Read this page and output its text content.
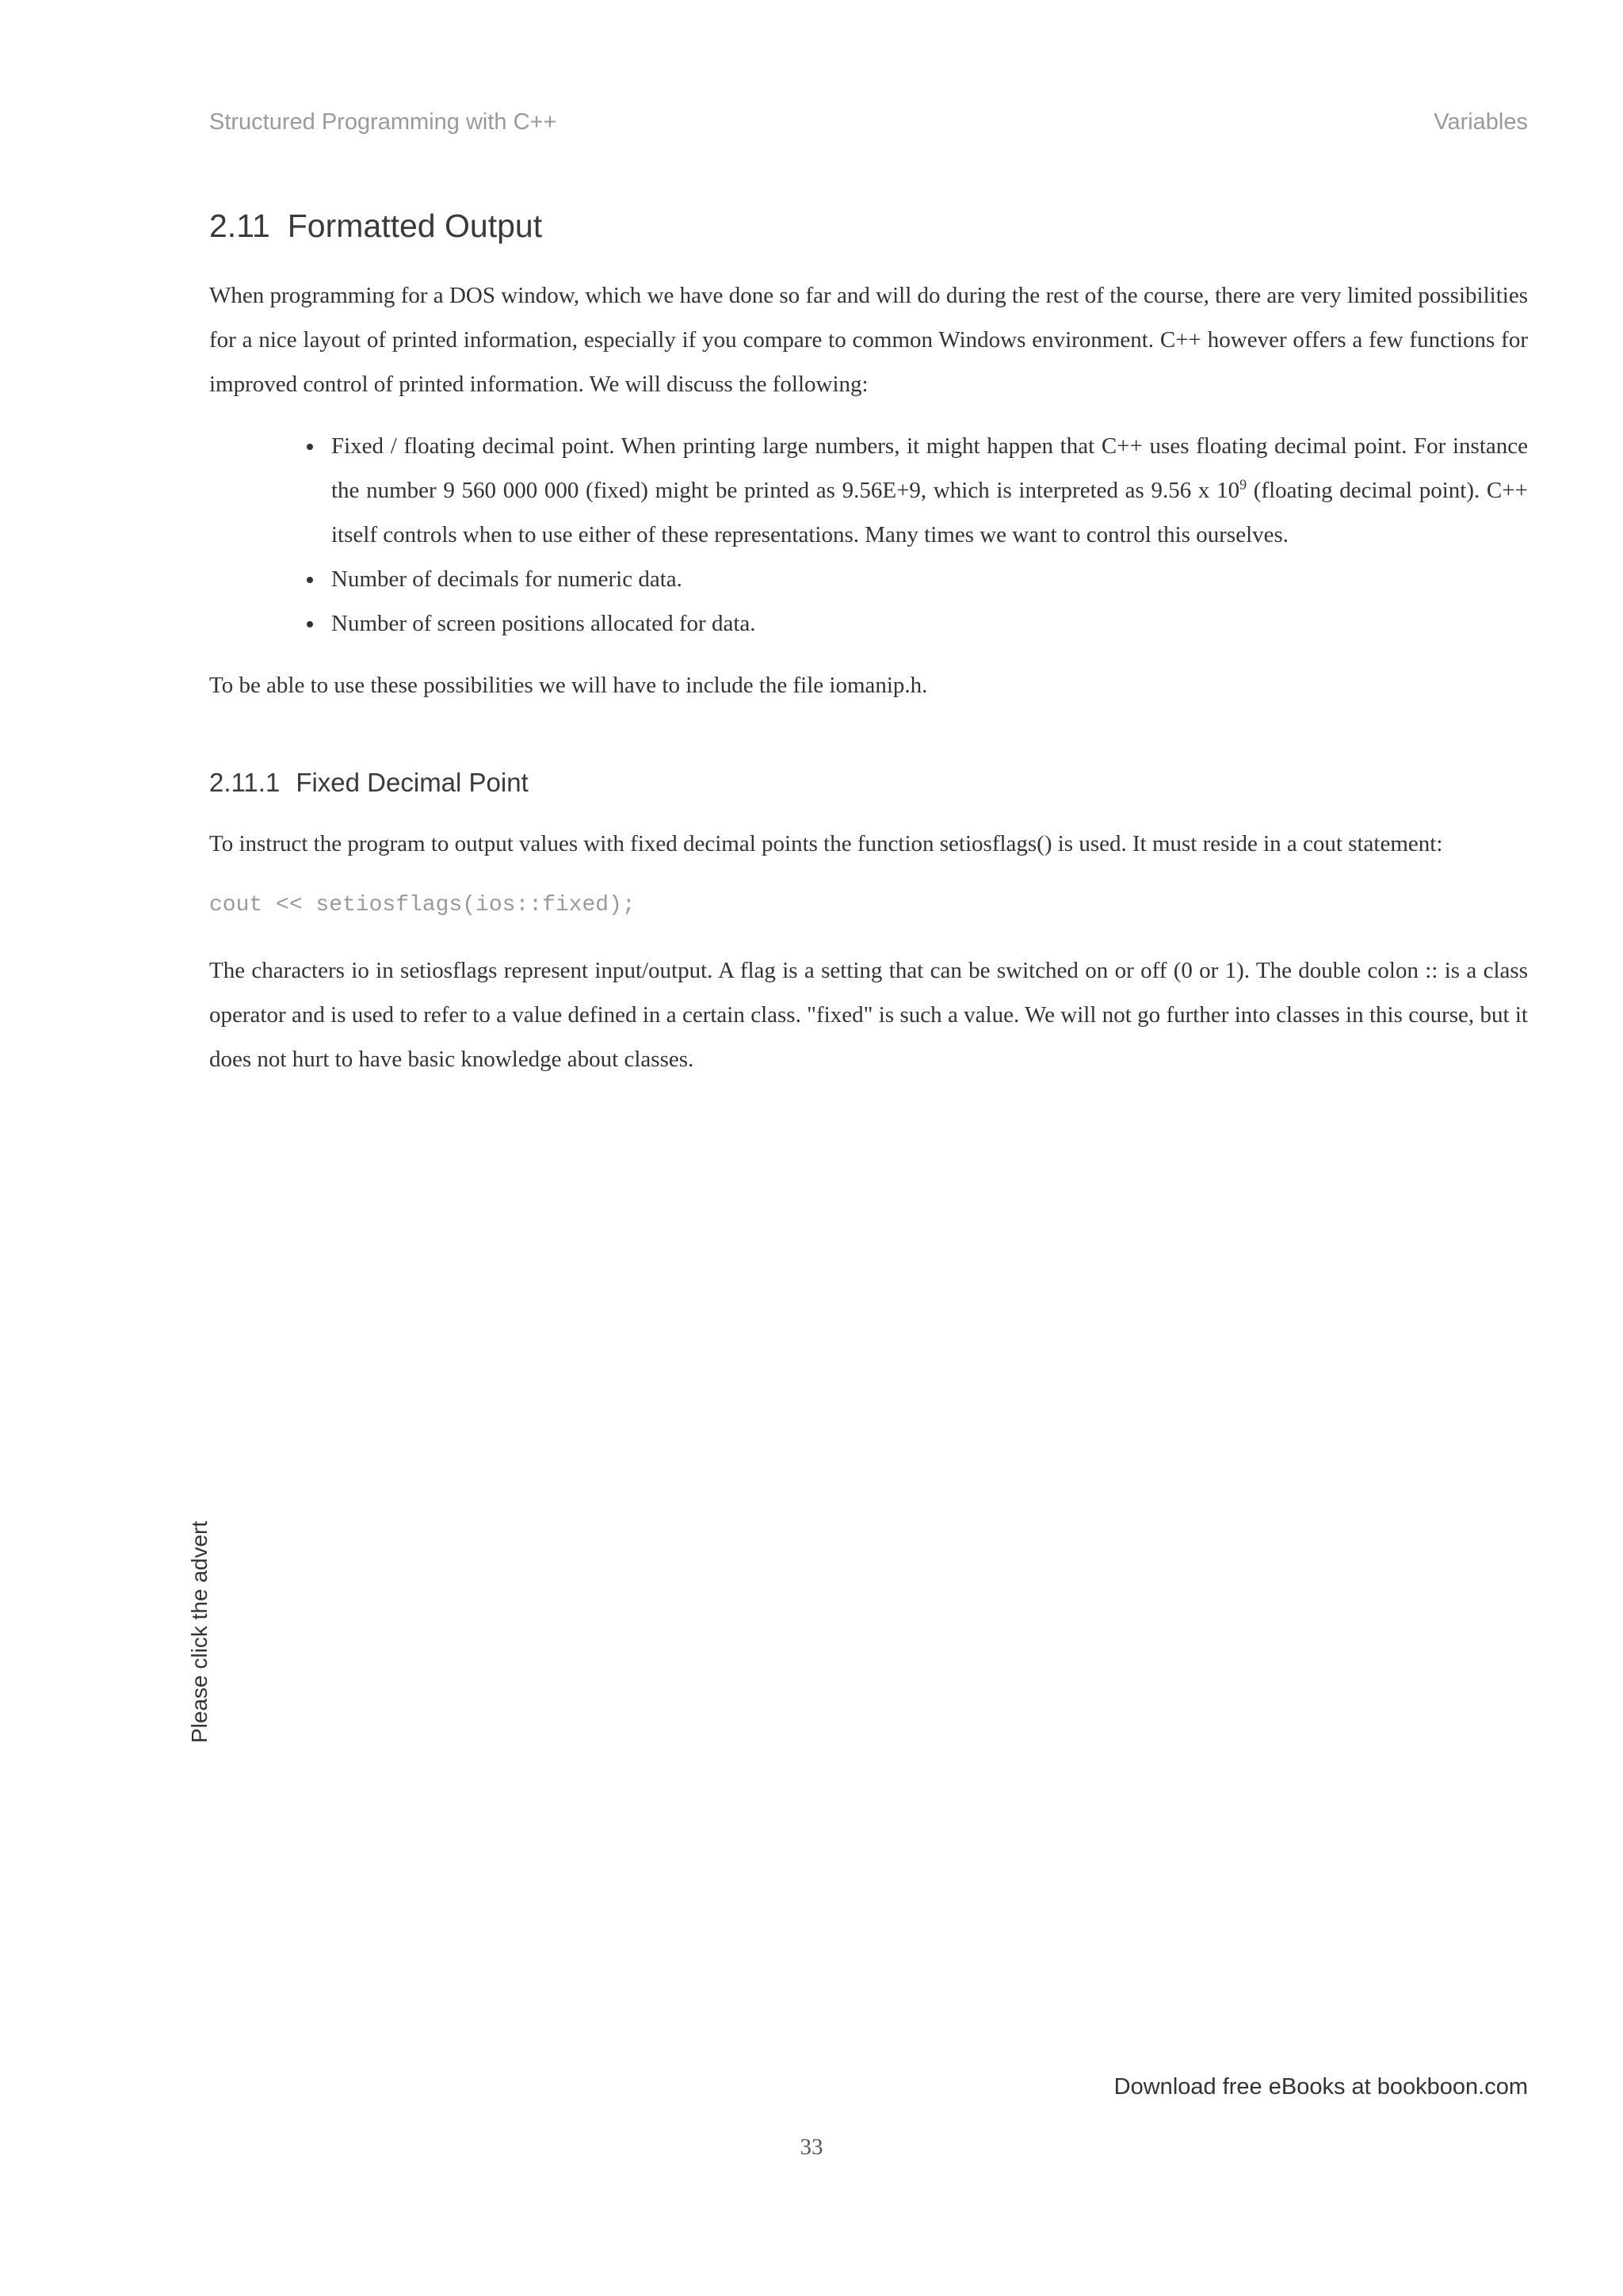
Structured Programming with C++	Variables
2.11 Formatted Output

When programming for a DOS window, which we have done so far and will do during the rest of the course, there are very limited possibilities for a nice layout of printed information, especially if you compare to common Windows environment. C++ however offers a few functions for improved control of printed information. We will discuss the following:

• Fixed / floating decimal point. When printing large numbers, it might happen that C++ uses floating decimal point. For instance the number 9 560 000 000 (fixed) might be printed as 9.56E+9, which is interpreted as 9.56 x $10^9$ (floating decimal point). C++ itself controls when to use either of these representations. Many times we want to control this ourselves.
• Number of decimals for numeric data.
• Number of screen positions allocated for data.

To be able to use these possibilities we will have to include the file iomanip.h.

2.11.1 Fixed Decimal Point

To instruct the program to output values with fixed decimal points the function setiosflags() is used. It must reside in a cout statement:

cout << setiosflags(ios::fixed);

The characters io in setiosflags represent input/output. A flag is a setting that can be switched on or off (0 or 1). The double colon :: is a class operator and is used to refer to a value defined in a certain class. "fixed" is such a value. We will not go further into classes in this course, but it does not hurt to have basic knowledge about classes.

Please click the advert
Download free eBooks at bookboon.com
33
